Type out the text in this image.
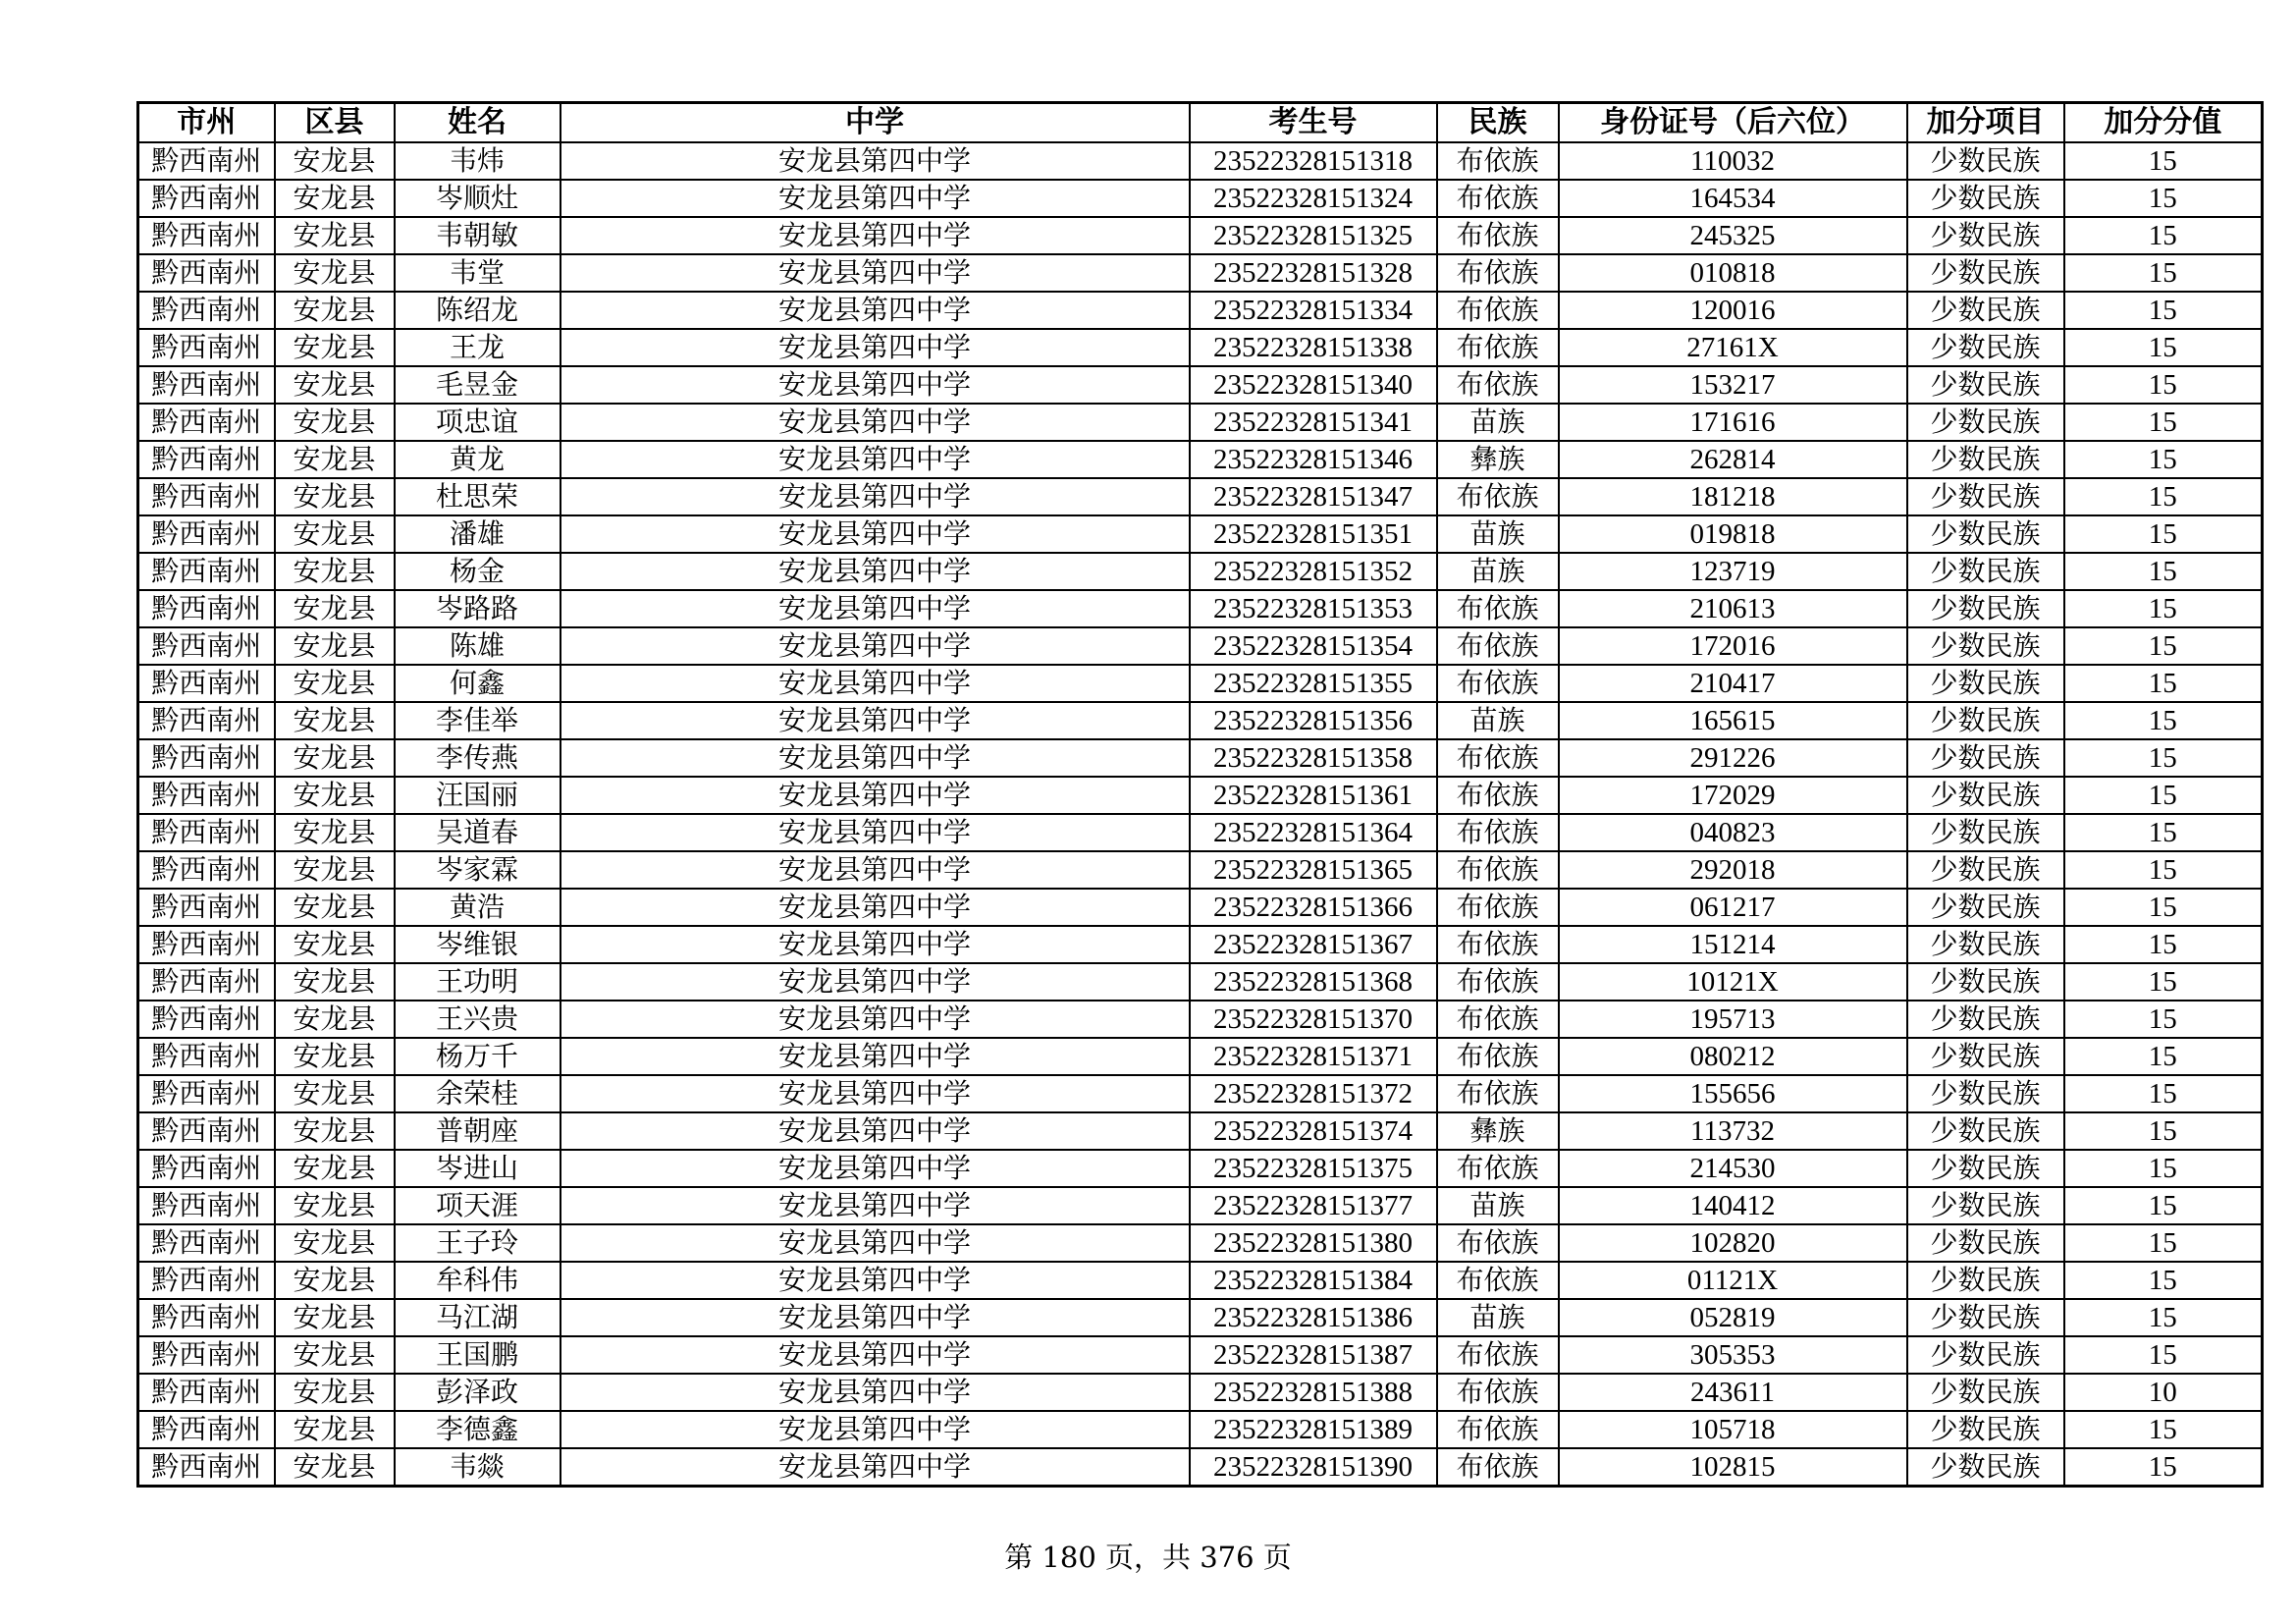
市州	区县	姓名	中学	考生号	民族	身份证号（后六位）	加分项目	加分分值
黔西南州	安龙县	韦炜	安龙县第四中学	23522328151318	布依族	110032	少数民族	15
黔西南州	安龙县	岑顺灶	安龙县第四中学	23522328151324	布依族	164534	少数民族	15
黔西南州	安龙县	韦朝敏	安龙县第四中学	23522328151325	布依族	245325	少数民族	15
黔西南州	安龙县	韦堂	安龙县第四中学	23522328151328	布依族	010818	少数民族	15
黔西南州	安龙县	陈绍龙	安龙县第四中学	23522328151334	布依族	120016	少数民族	15
黔西南州	安龙县	王龙	安龙县第四中学	23522328151338	布依族	27161X	少数民族	15
黔西南州	安龙县	毛昱金	安龙县第四中学	23522328151340	布依族	153217	少数民族	15
黔西南州	安龙县	项忠谊	安龙县第四中学	23522328151341	苗族	171616	少数民族	15
黔西南州	安龙县	黄龙	安龙县第四中学	23522328151346	彝族	262814	少数民族	15
黔西南州	安龙县	杜思荣	安龙县第四中学	23522328151347	布依族	181218	少数民族	15
黔西南州	安龙县	潘雄	安龙县第四中学	23522328151351	苗族	019818	少数民族	15
黔西南州	安龙县	杨金	安龙县第四中学	23522328151352	苗族	123719	少数民族	15
黔西南州	安龙县	岑路路	安龙县第四中学	23522328151353	布依族	210613	少数民族	15
黔西南州	安龙县	陈雄	安龙县第四中学	23522328151354	布依族	172016	少数民族	15
黔西南州	安龙县	何鑫	安龙县第四中学	23522328151355	布依族	210417	少数民族	15
黔西南州	安龙县	李佳举	安龙县第四中学	23522328151356	苗族	165615	少数民族	15
黔西南州	安龙县	李传燕	安龙县第四中学	23522328151358	布依族	291226	少数民族	15
黔西南州	安龙县	汪国丽	安龙县第四中学	23522328151361	布依族	172029	少数民族	15
黔西南州	安龙县	吴道春	安龙县第四中学	23522328151364	布依族	040823	少数民族	15
黔西南州	安龙县	岑家霖	安龙县第四中学	23522328151365	布依族	292018	少数民族	15
黔西南州	安龙县	黄浩	安龙县第四中学	23522328151366	布依族	061217	少数民族	15
黔西南州	安龙县	岑维银	安龙县第四中学	23522328151367	布依族	151214	少数民族	15
黔西南州	安龙县	王功明	安龙县第四中学	23522328151368	布依族	10121X	少数民族	15
黔西南州	安龙县	王兴贵	安龙县第四中学	23522328151370	布依族	195713	少数民族	15
黔西南州	安龙县	杨万千	安龙县第四中学	23522328151371	布依族	080212	少数民族	15
黔西南州	安龙县	余荣桂	安龙县第四中学	23522328151372	布依族	155656	少数民族	15
黔西南州	安龙县	普朝座	安龙县第四中学	23522328151374	彝族	113732	少数民族	15
黔西南州	安龙县	岑进山	安龙县第四中学	23522328151375	布依族	214530	少数民族	15
黔西南州	安龙县	项天涯	安龙县第四中学	23522328151377	苗族	140412	少数民族	15
黔西南州	安龙县	王子玲	安龙县第四中学	23522328151380	布依族	102820	少数民族	15
黔西南州	安龙县	牟科伟	安龙县第四中学	23522328151384	布依族	01121X	少数民族	15
黔西南州	安龙县	马江湖	安龙县第四中学	23522328151386	苗族	052819	少数民族	15
黔西南州	安龙县	王国鹏	安龙县第四中学	23522328151387	布依族	305353	少数民族	15
黔西南州	安龙县	彭泽政	安龙县第四中学	23522328151388	布依族	243611	少数民族	10
黔西南州	安龙县	李德鑫	安龙县第四中学	23522328151389	布依族	105718	少数民族	15
黔西南州	安龙县	韦燚	安龙县第四中学	23522328151390	布依族	102815	少数民族	15
第 180 页，共 376 页
